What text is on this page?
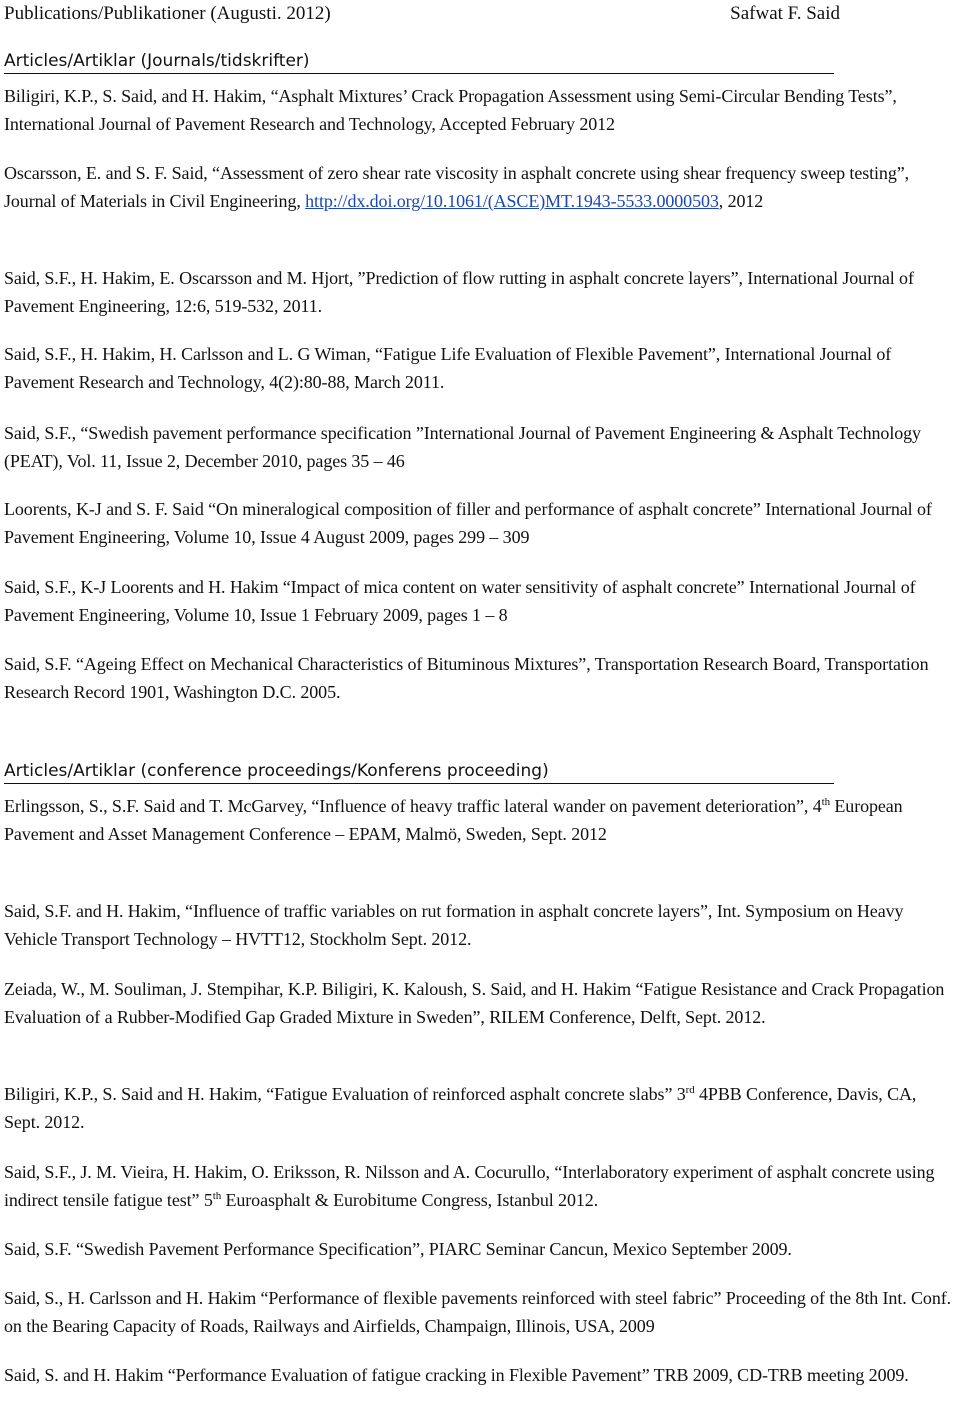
Publications/Publikationer (Augusti. 2012)	Safwat F. Said
Articles/Artiklar (Journals/tidskrifter)
Biligiri, K.P., S. Said, and H. Hakim, “Asphalt Mixtures’ Crack Propagation Assessment using Semi-Circular Bending Tests”, International Journal of Pavement Research and Technology, Accepted February 2012
Oscarsson, E. and S. F. Said, “Assessment of zero shear rate viscosity in asphalt concrete using shear frequency sweep testing”, Journal of Materials in Civil Engineering, http://dx.doi.org/10.1061/(ASCE)MT.1943-5533.0000503, 2012
Said, S.F., H. Hakim, E. Oscarsson and M. Hjort, ”Prediction of flow rutting in asphalt concrete layers”, International Journal of Pavement Engineering, 12:6, 519-532, 2011.
Said, S.F., H. Hakim, H. Carlsson and L. G Wiman, “Fatigue Life Evaluation of Flexible Pavement”, International Journal of Pavement Research and Technology, 4(2):80-88, March 2011.
Said, S.F., “Swedish pavement performance specification ”International Journal of Pavement Engineering & Asphalt Technology (PEAT), Vol. 11, Issue 2, December 2010, pages 35 – 46
Loorents, K-J and S. F. Said “On mineralogical composition of filler and performance of asphalt concrete” International Journal of Pavement Engineering, Volume 10, Issue 4 August 2009, pages 299 – 309
Said, S.F., K-J Loorents and H. Hakim “Impact of mica content on water sensitivity of asphalt concrete” International Journal of Pavement Engineering, Volume 10, Issue 1 February 2009, pages 1 – 8
Said, S.F. “Ageing Effect on Mechanical Characteristics of Bituminous Mixtures”, Transportation Research Board, Transportation Research Record 1901, Washington D.C. 2005.
Articles/Artiklar (conference proceedings/Konferens proceeding)
Erlingsson, S., S.F. Said and T. McGarvey, “Influence of heavy traffic lateral wander on pavement deterioration”, 4th European Pavement and Asset Management Conference – EPAM, Malmö, Sweden, Sept. 2012
Said, S.F. and H. Hakim, “Influence of traffic variables on rut formation in asphalt concrete layers”, Int. Symposium on Heavy Vehicle Transport Technology – HVTT12, Stockholm Sept. 2012.
Zeiada, W., M. Souliman, J. Stempihar, K.P. Biligiri, K. Kaloush, S. Said, and H. Hakim “Fatigue Resistance and Crack Propagation Evaluation of a Rubber-Modified Gap Graded Mixture in Sweden”, RILEM Conference, Delft, Sept. 2012.
Biligiri, K.P., S. Said and H. Hakim, “Fatigue Evaluation of reinforced asphalt concrete slabs” 3rd 4PBB Conference, Davis, CA, Sept. 2012.
Said, S.F., J. M. Vieira, H. Hakim, O. Eriksson, R. Nilsson and A. Cocurullo, “Interlaboratory experiment of asphalt concrete using indirect tensile fatigue test” 5th Euroasphalt & Eurobitume Congress, Istanbul 2012.
Said, S.F. “Swedish Pavement Performance Specification”, PIARC Seminar Cancun, Mexico September 2009.
Said, S., H. Carlsson and H. Hakim “Performance of flexible pavements reinforced with steel fabric” Proceeding of the 8th Int. Conf. on the Bearing Capacity of Roads, Railways and Airfields, Champaign, Illinois, USA, 2009
Said, S. and H. Hakim “Performance Evaluation of fatigue cracking in Flexible Pavement” TRB 2009, CD-TRB meeting 2009.
